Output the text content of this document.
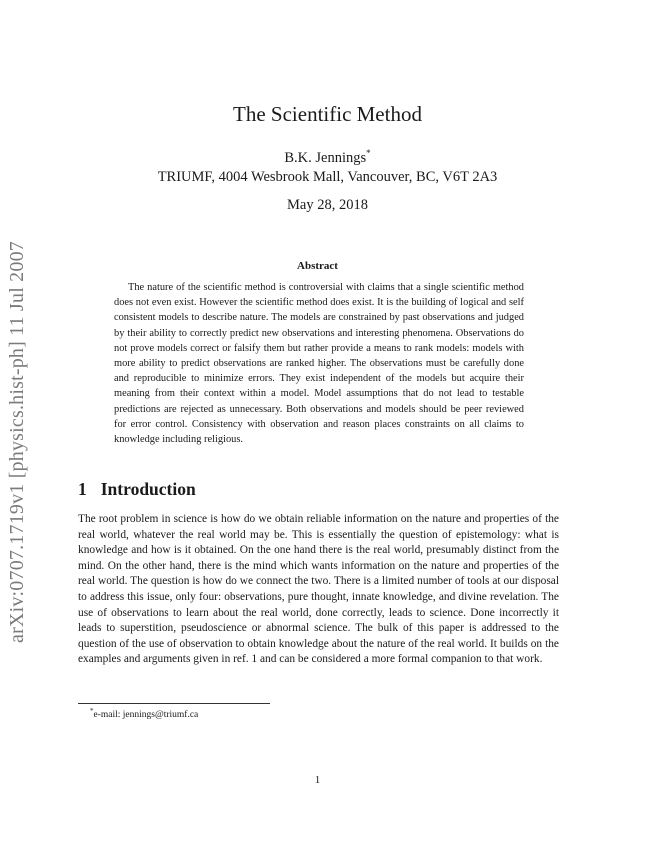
arXiv:0707.1719v1 [physics.hist-ph] 11 Jul 2007
The Scientific Method
B.K. Jennings*
TRIUMF, 4004 Wesbrook Mall, Vancouver, BC, V6T 2A3
May 28, 2018
Abstract

The nature of the scientific method is controversial with claims that a single scientific method does not even exist. However the scientific method does exist. It is the building of logical and self consistent models to describe nature. The models are constrained by past observations and judged by their ability to correctly predict new observations and interesting phenomena. Observations do not prove models correct or falsify them but rather provide a means to rank models: models with more ability to predict observations are ranked higher. The observations must be carefully done and reproducible to minimize errors. They exist independent of the models but acquire their meaning from their context within a model. Model assumptions that do not lead to testable predictions are rejected as unnecessary. Both observations and models should be peer reviewed for error control. Consistency with observation and reason places constraints on all claims to knowledge including religious.

1 Introduction

The root problem in science is how do we obtain reliable information on the nature and properties of the real world, whatever the real world may be. This is essentially the question of epistemology: what is knowledge and how is it obtained. On the one hand there is the real world, presumably distinct from the mind. On the other hand, there is the mind which wants information on the nature and properties of the real world. The question is how do we connect the two. There is a limited number of tools at our disposal to address this issue, only four: observations, pure thought, innate knowledge, and divine revelation. The use of observations to learn about the real world, done correctly, leads to science. Done incorrectly it leads to superstition, pseudoscience or abnormal science. The bulk of this paper is addressed to the question of the use of observation to obtain knowledge about the nature of the real world. It builds on the examples and arguments given in ref. 1 and can be considered a more formal companion to that work.

*e-mail: jennings@triumf.ca
1
